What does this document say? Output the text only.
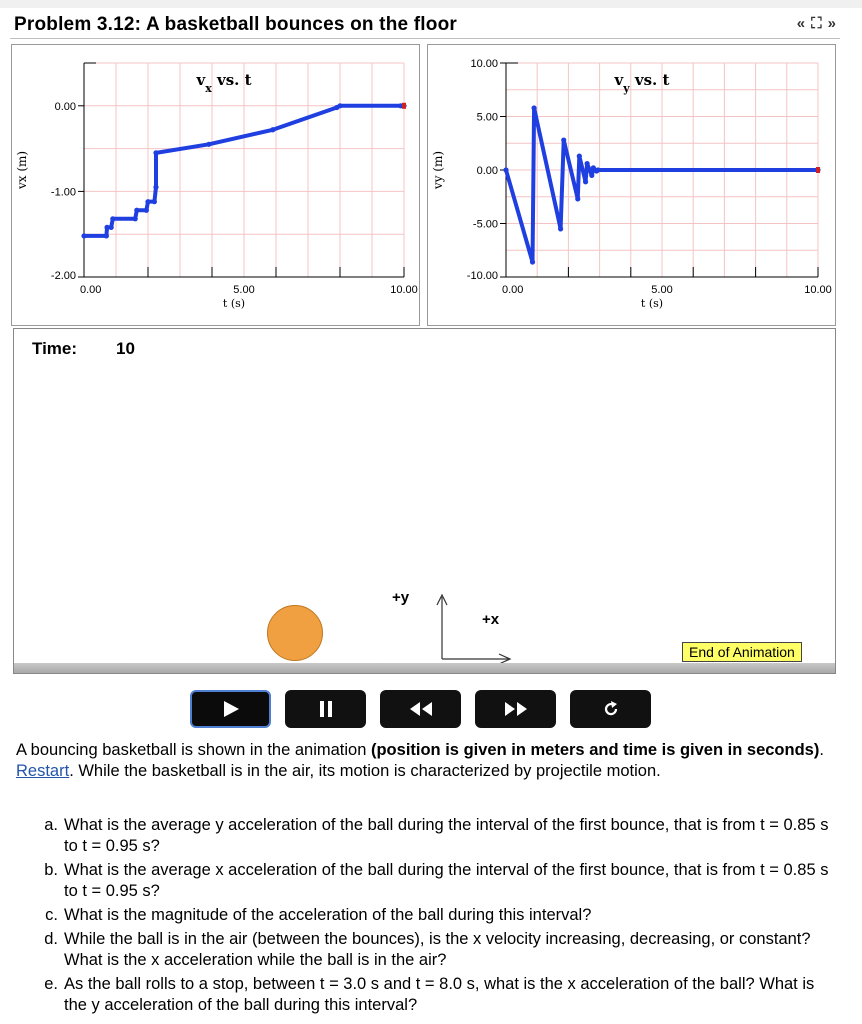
Problem 3.12: A basketball bounces on the floor	« ⛶ »
0.00	5.00	10.00
0.00
-1.00
-2.00
t (s)
vx (m)
$v_x$ vs. t
0.00	5.00	10.00
10.00
5.00
0.00
-5.00
-10.00
t (s)
vy (m)
$v_y$ vs. t
Time: 10
+y
+x
End of Animation
A bouncing basketball is shown in the animation (position is given in meters and time is given in seconds). Restart. While the basketball is in the air, its motion is characterized by projectile motion.
a. What is the average y acceleration of the ball during the interval of the first bounce, that is from t = 0.85 s to t = 0.95 s?
b. What is the average x acceleration of the ball during the interval of the first bounce, that is from t = 0.85 s to t = 0.95 s?
c. What is the magnitude of the acceleration of the ball during this interval?
d. While the ball is in the air (between the bounces), is the x velocity increasing, decreasing, or constant? What is the x acceleration while the ball is in the air?
e. As the ball rolls to a stop, between t = 3.0 s and t = 8.0 s, what is the x acceleration of the ball? What is the y acceleration of the ball during this interval?
